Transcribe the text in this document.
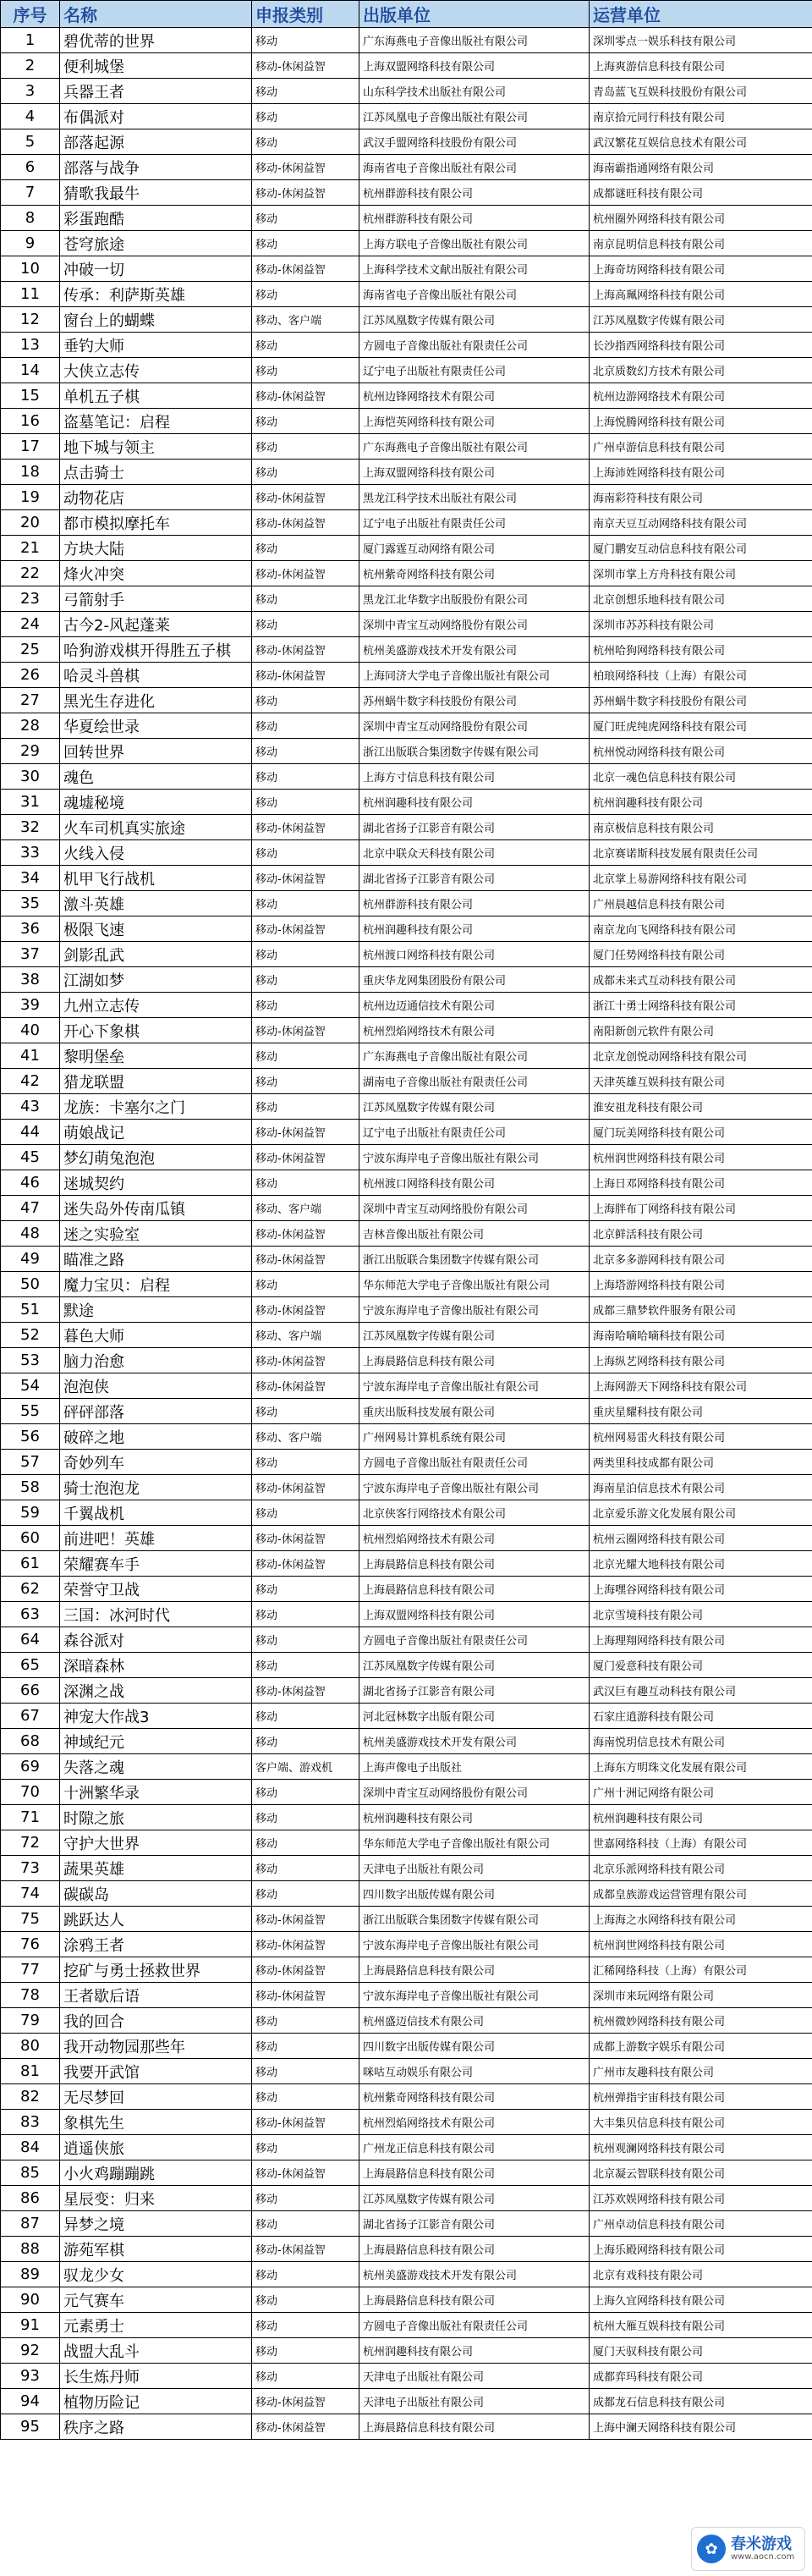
序号	名称	申报类别	出版单位	运营单位
1	碧优蒂的世界	移动	广东海燕电子音像出版社有限公司	深圳零点一娱乐科技有限公司
2	便利城堡	移动-休闲益智	上海双盟网络科技有限公司	上海爽游信息科技有限公司
3	兵器王者	移动	山东科学技术出版社有限公司	青岛蓝飞互娱科技股份有限公司
4	布偶派对	移动	江苏凤凰电子音像出版社有限公司	南京拾元同行科技有限公司
5	部落起源	移动	武汉手盟网络科技股份有限公司	武汉繁花互娱信息技术有限公司
6	部落与战争	移动-休闲益智	海南省电子音像出版社有限公司	海南霸指通网络有限公司
7	猜歌我最牛	移动-休闲益智	杭州群游科技有限公司	成都谜旺科技有限公司
8	彩蛋跑酷	移动	杭州群游科技有限公司	杭州圈外网络科技有限公司
9	苍穹旅途	移动	上海方联电子音像出版社有限公司	南京昆明信息科技有限公司
10	冲破一切	移动-休闲益智	上海科学技术文献出版社有限公司	上海奇坊网络科技有限公司
11	传承：利萨斯英雄	移动	海南省电子音像出版社有限公司	上海高珮网络科技有限公司
12	窗台上的蝴蝶	移动、客户端	江苏凤凰数字传媒有限公司	江苏凤凰数字传媒有限公司
13	垂钓大师	移动	方圆电子音像出版社有限责任公司	长沙指西网络科技有限公司
14	大侠立志传	移动	辽宁电子出版社有限责任公司	北京质数幻方技术有限公司
15	单机五子棋	移动-休闲益智	杭州边锋网络技术有限公司	杭州边游网络技术有限公司
16	盗墓笔记：启程	移动	上海恺英网络科技有限公司	上海悦腾网络科技有限公司
17	地下城与领主	移动	广东海燕电子音像出版社有限公司	广州卓游信息科技有限公司
18	点击骑士	移动	上海双盟网络科技有限公司	上海沛姓网络科技有限公司
19	动物花店	移动-休闲益智	黑龙江科学技术出版社有限公司	海南彩符科技有限公司
20	都市模拟摩托车	移动-休闲益智	辽宁电子出版社有限责任公司	南京天豆互动网络科技有限公司
21	方块大陆	移动	厦门露霆互动网络有限公司	厦门鹏安互动信息科技有限公司
22	烽火冲突	移动-休闲益智	杭州紫奇网络科技有限公司	深圳市掌上方舟科技有限公司
23	弓箭射手	移动	黑龙江北华数字出版股份有限公司	北京创想乐地科技有限公司
24	古今2-风起蓬莱	移动	深圳中青宝互动网络股份有限公司	深圳市苏苏科技有限公司
25	哈狗游戏棋开得胜五子棋	移动-休闲益智	杭州美盛游戏技术开发有限公司	杭州哈狗网络科技有限公司
26	哈灵斗兽棋	移动-休闲益智	上海同济大学电子音像出版社有限公司	柏琅网络科技（上海）有限公司
27	黑光生存进化	移动	苏州蜗牛数字科技股份有限公司	苏州蜗牛数字科技股份有限公司
28	华夏绘世录	移动	深圳中青宝互动网络股份有限公司	厦门旺虎纯虎网络科技有限公司
29	回转世界	移动	浙江出版联合集团数字传媒有限公司	杭州悦动网络科技有限公司
30	魂色	移动	上海方寸信息科技有限公司	北京一魂色信息科技有限公司
31	魂墟秘境	移动	杭州润趣科技有限公司	杭州润趣科技有限公司
32	火车司机真实旅途	移动-休闲益智	湖北省扬子江影音有限公司	南京极信息科技有限公司
33	火线入侵	移动	北京中联众天科技有限公司	北京赛诺斯科技发展有限责任公司
34	机甲飞行战机	移动-休闲益智	湖北省扬子江影音有限公司	北京掌上易游网络科技有限公司
35	激斗英雄	移动	杭州群游科技有限公司	广州晨越信息科技有限公司
36	极限飞速	移动-休闲益智	杭州润趣科技有限公司	南京龙向飞网络科技有限公司
37	剑影乱武	移动	杭州渡口网络科技有限公司	厦门任势网络科技有限公司
38	江湖如梦	移动	重庆华龙网集团股份有限公司	成都未来式互动科技有限公司
39	九州立志传	移动	杭州边迈通信技术有限公司	浙江十勇士网络科技有限公司
40	开心下象棋	移动-休闲益智	杭州烈焰网络技术有限公司	南阳新创元软件有限公司
41	黎明堡垒	移动	广东海燕电子音像出版社有限公司	北京龙创悦动网络科技有限公司
42	猎龙联盟	移动	湖南电子音像出版社有限责任公司	天津英雄互娱科技有限公司
43	龙族：卡塞尔之门	移动	江苏凤凰数字传媒有限公司	淮安祖龙科技有限公司
44	萌娘战记	移动-休闲益智	辽宁电子出版社有限责任公司	厦门玩美网络科技有限公司
45	梦幻萌兔泡泡	移动-休闲益智	宁波东海岸电子音像出版社有限公司	杭州润世网络科技有限公司
46	迷城契约	移动	杭州渡口网络科技有限公司	上海日邓网络科技有限公司
47	迷失岛外传南瓜镇	移动、客户端	深圳中青宝互动网络股份有限公司	上海胖布丁网络科技有限公司
48	迷之实验室	移动-休闲益智	吉林音像出版社有限公司	北京鲜活科技有限公司
49	瞄准之路	移动-休闲益智	浙江出版联合集团数字传媒有限公司	北京多多游网科技有限公司
50	魔力宝贝：启程	移动	华东师范大学电子音像出版社有限公司	上海塔游网络科技有限公司
51	默途	移动-休闲益智	宁波东海岸电子音像出版社有限公司	成都三鼎梦软件服务有限公司
52	暮色大师	移动、客户端	江苏凤凰数字传媒有限公司	海南哈嘀哈嘀科技有限公司
53	脑力治愈	移动-休闲益智	上海晨路信息科技有限公司	上海纵艺网络科技有限公司
54	泡泡侠	移动-休闲益智	宁波东海岸电子音像出版社有限公司	上海网游天下网络科技有限公司
55	砰砰部落	移动	重庆出版科技发展有限公司	重庆星耀科技有限公司
56	破碎之地	移动、客户端	广州网易计算机系统有限公司	杭州网易雷火科技有限公司
57	奇妙列车	移动	方圆电子音像出版社有限责任公司	两类里科技成都有限公司
58	骑士泡泡龙	移动-休闲益智	宁波东海岸电子音像出版社有限公司	海南星泊信息技术有限公司
59	千翼战机	移动	北京侠客行网络技术有限公司	北京爱乐游文化发展有限公司
60	前进吧！英雄	移动-休闲益智	杭州烈焰网络技术有限公司	杭州云圈网络科技有限公司
61	荣耀赛车手	移动-休闲益智	上海晨路信息科技有限公司	北京光耀大地科技有限公司
62	荣誉守卫战	移动	上海晨路信息科技有限公司	上海嘿谷网络科技有限公司
63	三国：冰河时代	移动	上海双盟网络科技有限公司	北京雪境科技有限公司
64	森谷派对	移动	方圆电子音像出版社有限责任公司	上海理翔网络科技有限公司
65	深暗森林	移动	江苏凤凰数字传媒有限公司	厦门爱意科技有限公司
66	深渊之战	移动-休闲益智	湖北省扬子江影音有限公司	武汉巨有趣互动科技有限公司
67	神宠大作战3	移动	河北冠林数字出版有限公司	石家庄逍游科技有限公司
68	神域纪元	移动	杭州美盛游戏技术开发有限公司	海南悦玥信息技术有限公司
69	失落之魂	客户端、游戏机	上海声像电子出版社	上海东方明珠文化发展有限公司
70	十洲繁华录	移动	深圳中青宝互动网络股份有限公司	广州十洲记网络有限公司
71	时隙之旅	移动	杭州润趣科技有限公司	杭州润趣科技有限公司
72	守护大世界	移动	华东师范大学电子音像出版社有限公司	世嘉网络科技（上海）有限公司
73	蔬果英雄	移动	天津电子出版社有限公司	北京乐派网络科技有限公司
74	碳碳岛	移动	四川数字出版传媒有限公司	成都皇族游戏运营管理有限公司
75	跳跃达人	移动-休闲益智	浙江出版联合集团数字传媒有限公司	上海海之水网络科技有限公司
76	涂鸦王者	移动-休闲益智	宁波东海岸电子音像出版社有限公司	杭州润世网络科技有限公司
77	挖矿与勇士拯救世界	移动-休闲益智	上海晨路信息科技有限公司	汇稀网络科技（上海）有限公司
78	王者歇后语	移动-休闲益智	宁波东海岸电子音像出版社有限公司	深圳市来玩网络有限公司
79	我的回合	移动	杭州盛迈信技术有限公司	杭州微妙网络科技有限公司
80	我开动物园那些年	移动	四川数字出版传媒有限公司	成都上游数字娱乐有限公司
81	我要开武馆	移动	咪咕互动娱乐有限公司	广州市友趣科技有限公司
82	无尽梦回	移动	杭州紫奇网络科技有限公司	杭州弹指宇宙科技有限公司
83	象棋先生	移动-休闲益智	杭州烈焰网络技术有限公司	大丰集贝信息科技有限公司
84	逍遥侠旅	移动	广州龙正信息科技有限公司	杭州观澜网络科技有限公司
85	小火鸡蹦蹦跳	移动-休闲益智	上海晨路信息科技有限公司	北京凝云智联科技有限公司
86	星辰变：归来	移动	江苏凤凰数字传媒有限公司	江苏欢娱网络科技有限公司
87	异梦之境	移动	湖北省扬子江影音有限公司	广州卓动信息科技有限公司
88	游苑军棋	移动-休闲益智	上海晨路信息科技有限公司	上海乐殿网络科技有限公司
89	驭龙少女	移动	杭州美盛游戏技术开发有限公司	北京有戏科技有限公司
90	元气赛车	移动	上海晨路信息科技有限公司	上海久宜网络科技有限公司
91	元素勇士	移动	方圆电子音像出版社有限责任公司	杭州大雁互娱科技有限公司
92	战盟大乱斗	移动	杭州润趣科技有限公司	厦门天驭科技有限公司
93	长生炼丹师	移动	天津电子出版社有限公司	成都弈玛科技有限公司
94	植物历险记	移动-休闲益智	天津电子出版社有限公司	成都龙石信息科技有限公司
95	秩序之路	移动-休闲益智	上海晨路信息科技有限公司	上海中澜天网络科技有限公司
✿ 春米游戏
www.aocn.com
